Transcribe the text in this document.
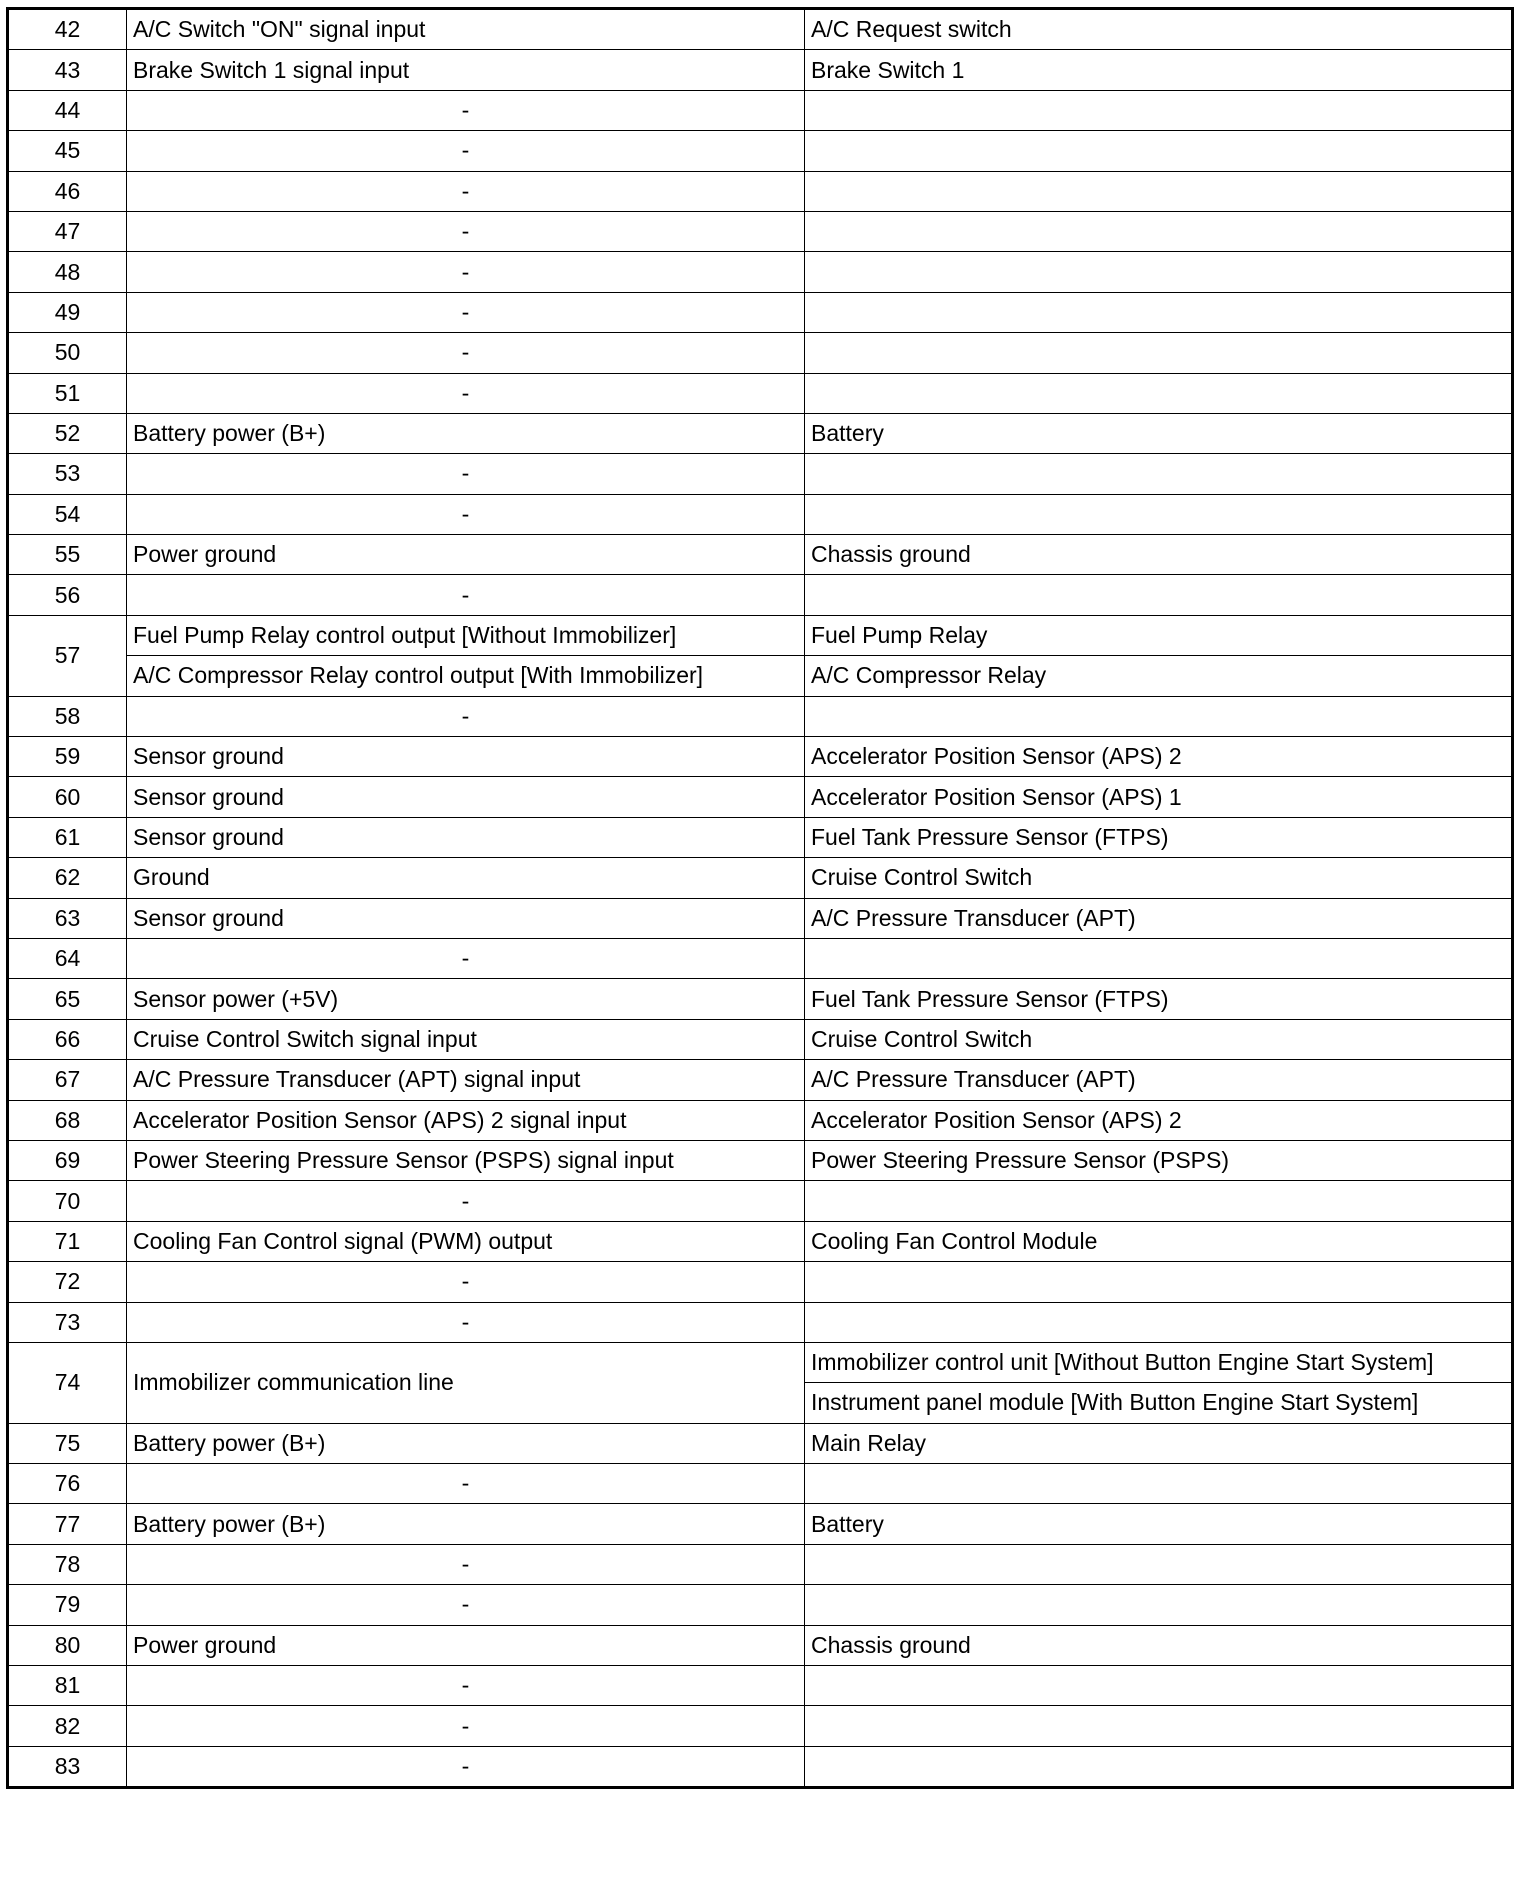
42	A/C Switch "ON" signal input	A/C Request switch
43	Brake Switch 1 signal input	Brake Switch 1
44	-	
45	-	
46	-	
47	-	
48	-	
49	-	
50	-	
51	-	
52	Battery power (B+)	Battery
53	-	
54	-	
55	Power ground	Chassis ground
56	-	
57	Fuel Pump Relay control output [Without Immobilizer]	Fuel Pump Relay
	A/C Compressor Relay control output [With Immobilizer]	A/C Compressor Relay
58	-	
59	Sensor ground	Accelerator Position Sensor (APS) 2
60	Sensor ground	Accelerator Position Sensor (APS) 1
61	Sensor ground	Fuel Tank Pressure Sensor (FTPS)
62	Ground	Cruise Control Switch
63	Sensor ground	A/C Pressure Transducer (APT)
64	-	
65	Sensor power (+5V)	Fuel Tank Pressure Sensor (FTPS)
66	Cruise Control Switch signal input	Cruise Control Switch
67	A/C Pressure Transducer (APT) signal input	A/C Pressure Transducer (APT)
68	Accelerator Position Sensor (APS) 2 signal input	Accelerator Position Sensor (APS) 2
69	Power Steering Pressure Sensor (PSPS) signal input	Power Steering Pressure Sensor (PSPS)
70	-	
71	Cooling Fan Control signal (PWM) output	Cooling Fan Control Module
72	-	
73	-	
74	Immobilizer communication line	Immobilizer control unit [Without Button Engine Start System]
		Instrument panel module [With Button Engine Start System]
75	Battery power (B+)	Main Relay
76	-	
77	Battery power (B+)	Battery
78	-	
79	-	
80	Power ground	Chassis ground
81	-	
82	-	
83	-	
